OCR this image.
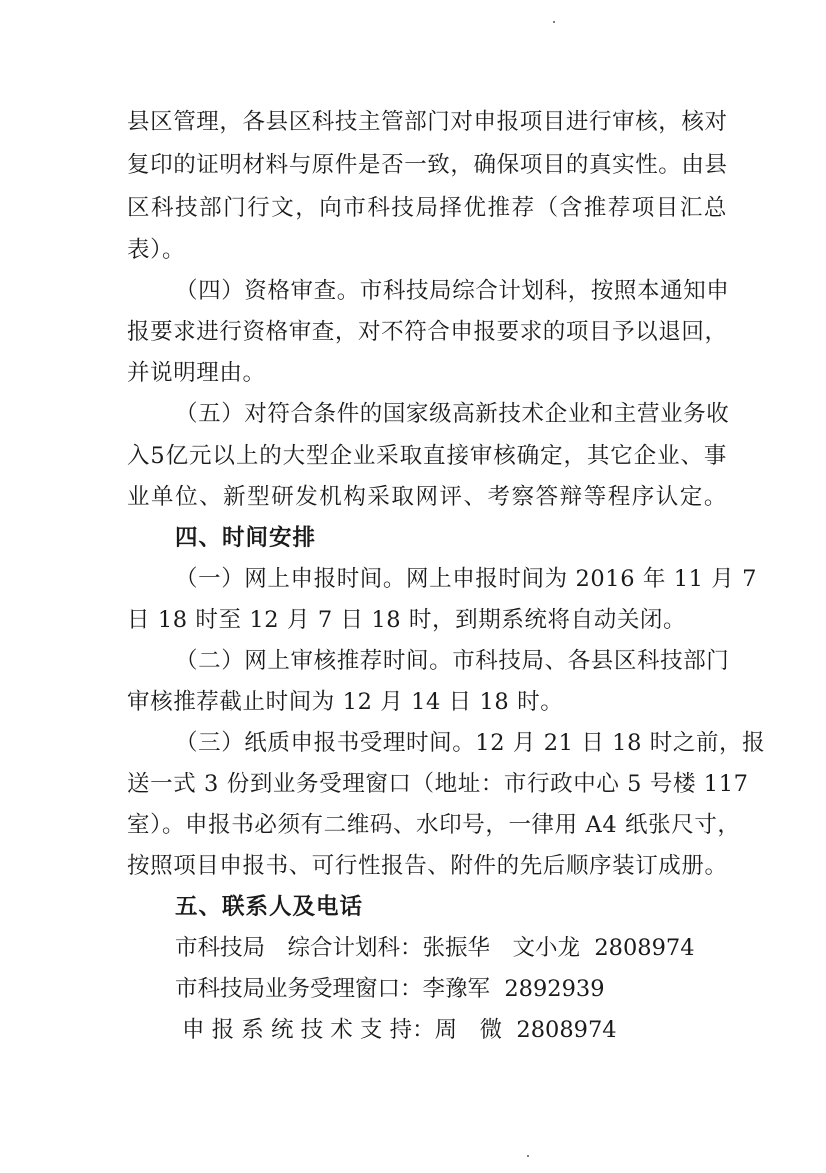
县区管理，各县区科技主管部门对申报项目进行审核，核对
复印的证明材料与原件是否一致，确保项目的真实性。由县
区科技部门行文，向市科技局择优推荐（含推荐项目汇总
表）。
（四）资格审查。市科技局综合计划科，按照本通知申
报要求进行资格审查，对不符合申报要求的项目予以退回，
并说明理由。
（五）对符合条件的国家级高新技术企业和主营业务收
入5亿元以上的大型企业采取直接审核确定，其它企业、事
业单位、新型研发机构采取网评、考察答辩等程序认定。
四、时间安排
（一）网上申报时间。网上申报时间为 2016 年 11 月 7
日 18 时至 12 月 7 日 18 时，到期系统将自动关闭。
（二）网上审核推荐时间。市科技局、各县区科技部门
审核推荐截止时间为 12 月 14 日 18 时。
（三）纸质申报书受理时间。12 月 21 日 18 时之前，报
送一式 3 份到业务受理窗口（地址：市行政中心 5 号楼 117
室）。申报书必须有二维码、水印号，一律用 A4 纸张尺寸，
按照项目申报书、可行性报告、附件的先后顺序装订成册。
五、联系人及电话
市科技局　综合计划科：张振华　文小龙 2808974
市科技局业务受理窗口：李豫军 2892939
申 报 系 统 技 术 支 持：周　微 2808974
